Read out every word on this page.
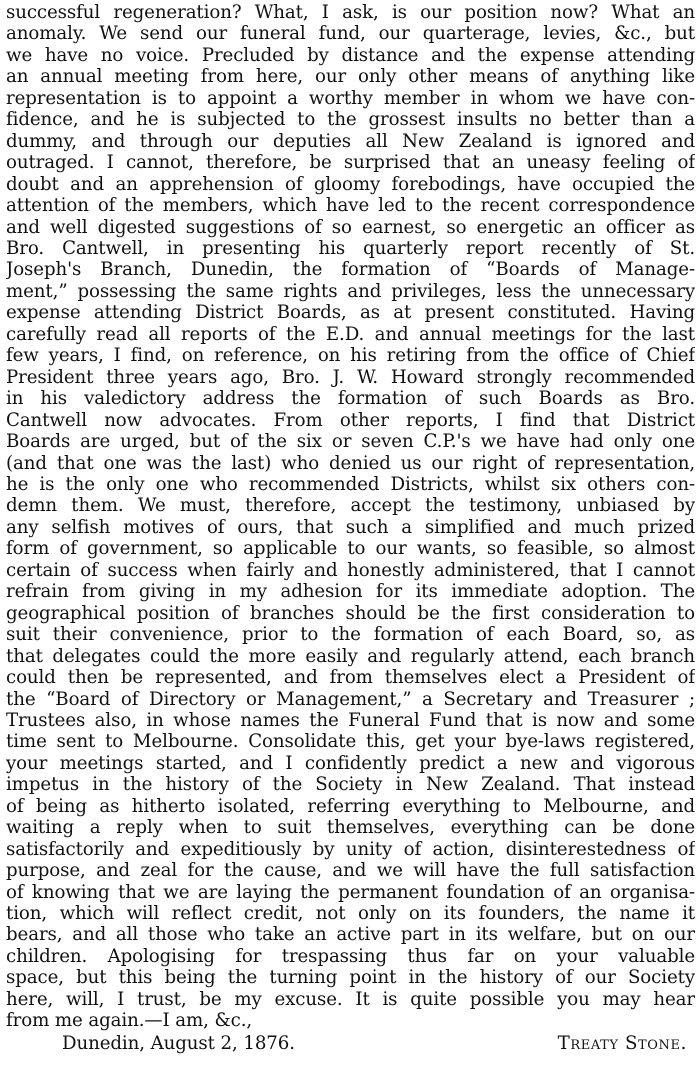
successful regeneration? What, I ask, is our position now? What an
anomaly. We send our funeral fund, our quarterage, levies, &c., but
we have no voice. Precluded by distance and the expense attending
an annual meeting from here, our only other means of anything like
representation is to appoint a worthy member in whom we have con-
fidence, and he is subjected to the grossest insults no better than a
dummy, and through our deputies all New Zealand is ignored and
outraged. I cannot, therefore, be surprised that an uneasy feeling of
doubt and an apprehension of gloomy forebodings, have occupied the
attention of the members, which have led to the recent correspondence
and well digested suggestions of so earnest, so energetic an officer as
Bro. Cantwell, in presenting his quarterly report recently of St.
Joseph's Branch, Dunedin, the formation of “Boards of Manage-
ment,” possessing the same rights and privileges, less the unnecessary
expense attending District Boards, as at present constituted. Having
carefully read all reports of the E.D. and annual meetings for the last
few years, I find, on reference, on his retiring from the office of Chief
President three years ago, Bro. J. W. Howard strongly recommended
in his valedictory address the formation of such Boards as Bro.
Cantwell now advocates. From other reports, I find that District
Boards are urged, but of the six or seven C.P.'s we have had only one
(and that one was the last) who denied us our right of representation,
he is the only one who recommended Districts, whilst six others con-
demn them. We must, therefore, accept the testimony, unbiased by
any selfish motives of ours, that such a simplified and much prized
form of government, so applicable to our wants, so feasible, so almost
certain of success when fairly and honestly administered, that I cannot
refrain from giving in my adhesion for its immediate adoption. The
geographical position of branches should be the first consideration to
suit their convenience, prior to the formation of each Board, so, as
that delegates could the more easily and regularly attend, each branch
could then be represented, and from themselves elect a President of
the “Board of Directory or Management,” a Secretary and Treasurer ;
Trustees also, in whose names the Funeral Fund that is now and some
time sent to Melbourne. Consolidate this, get your bye-laws registered,
your meetings started, and I confidently predict a new and vigorous
impetus in the history of the Society in New Zealand. That instead
of being as hitherto isolated, referring everything to Melbourne, and
waiting a reply when to suit themselves, everything can be done
satisfactorily and expeditiously by unity of action, disinterestedness of
purpose, and zeal for the cause, and we will have the full satisfaction
of knowing that we are laying the permanent foundation of an organisa-
tion, which will reflect credit, not only on its founders, the name it
bears, and all those who take an active part in its welfare, but on our
children. Apologising for trespassing thus far on your valuable
space, but this being the turning point in the history of our Society
here, will, I trust, be my excuse. It is quite possible you may hear
from me again.—I am, &c.,
Dunedin, August 2, 1876.	Treaty Stone.
